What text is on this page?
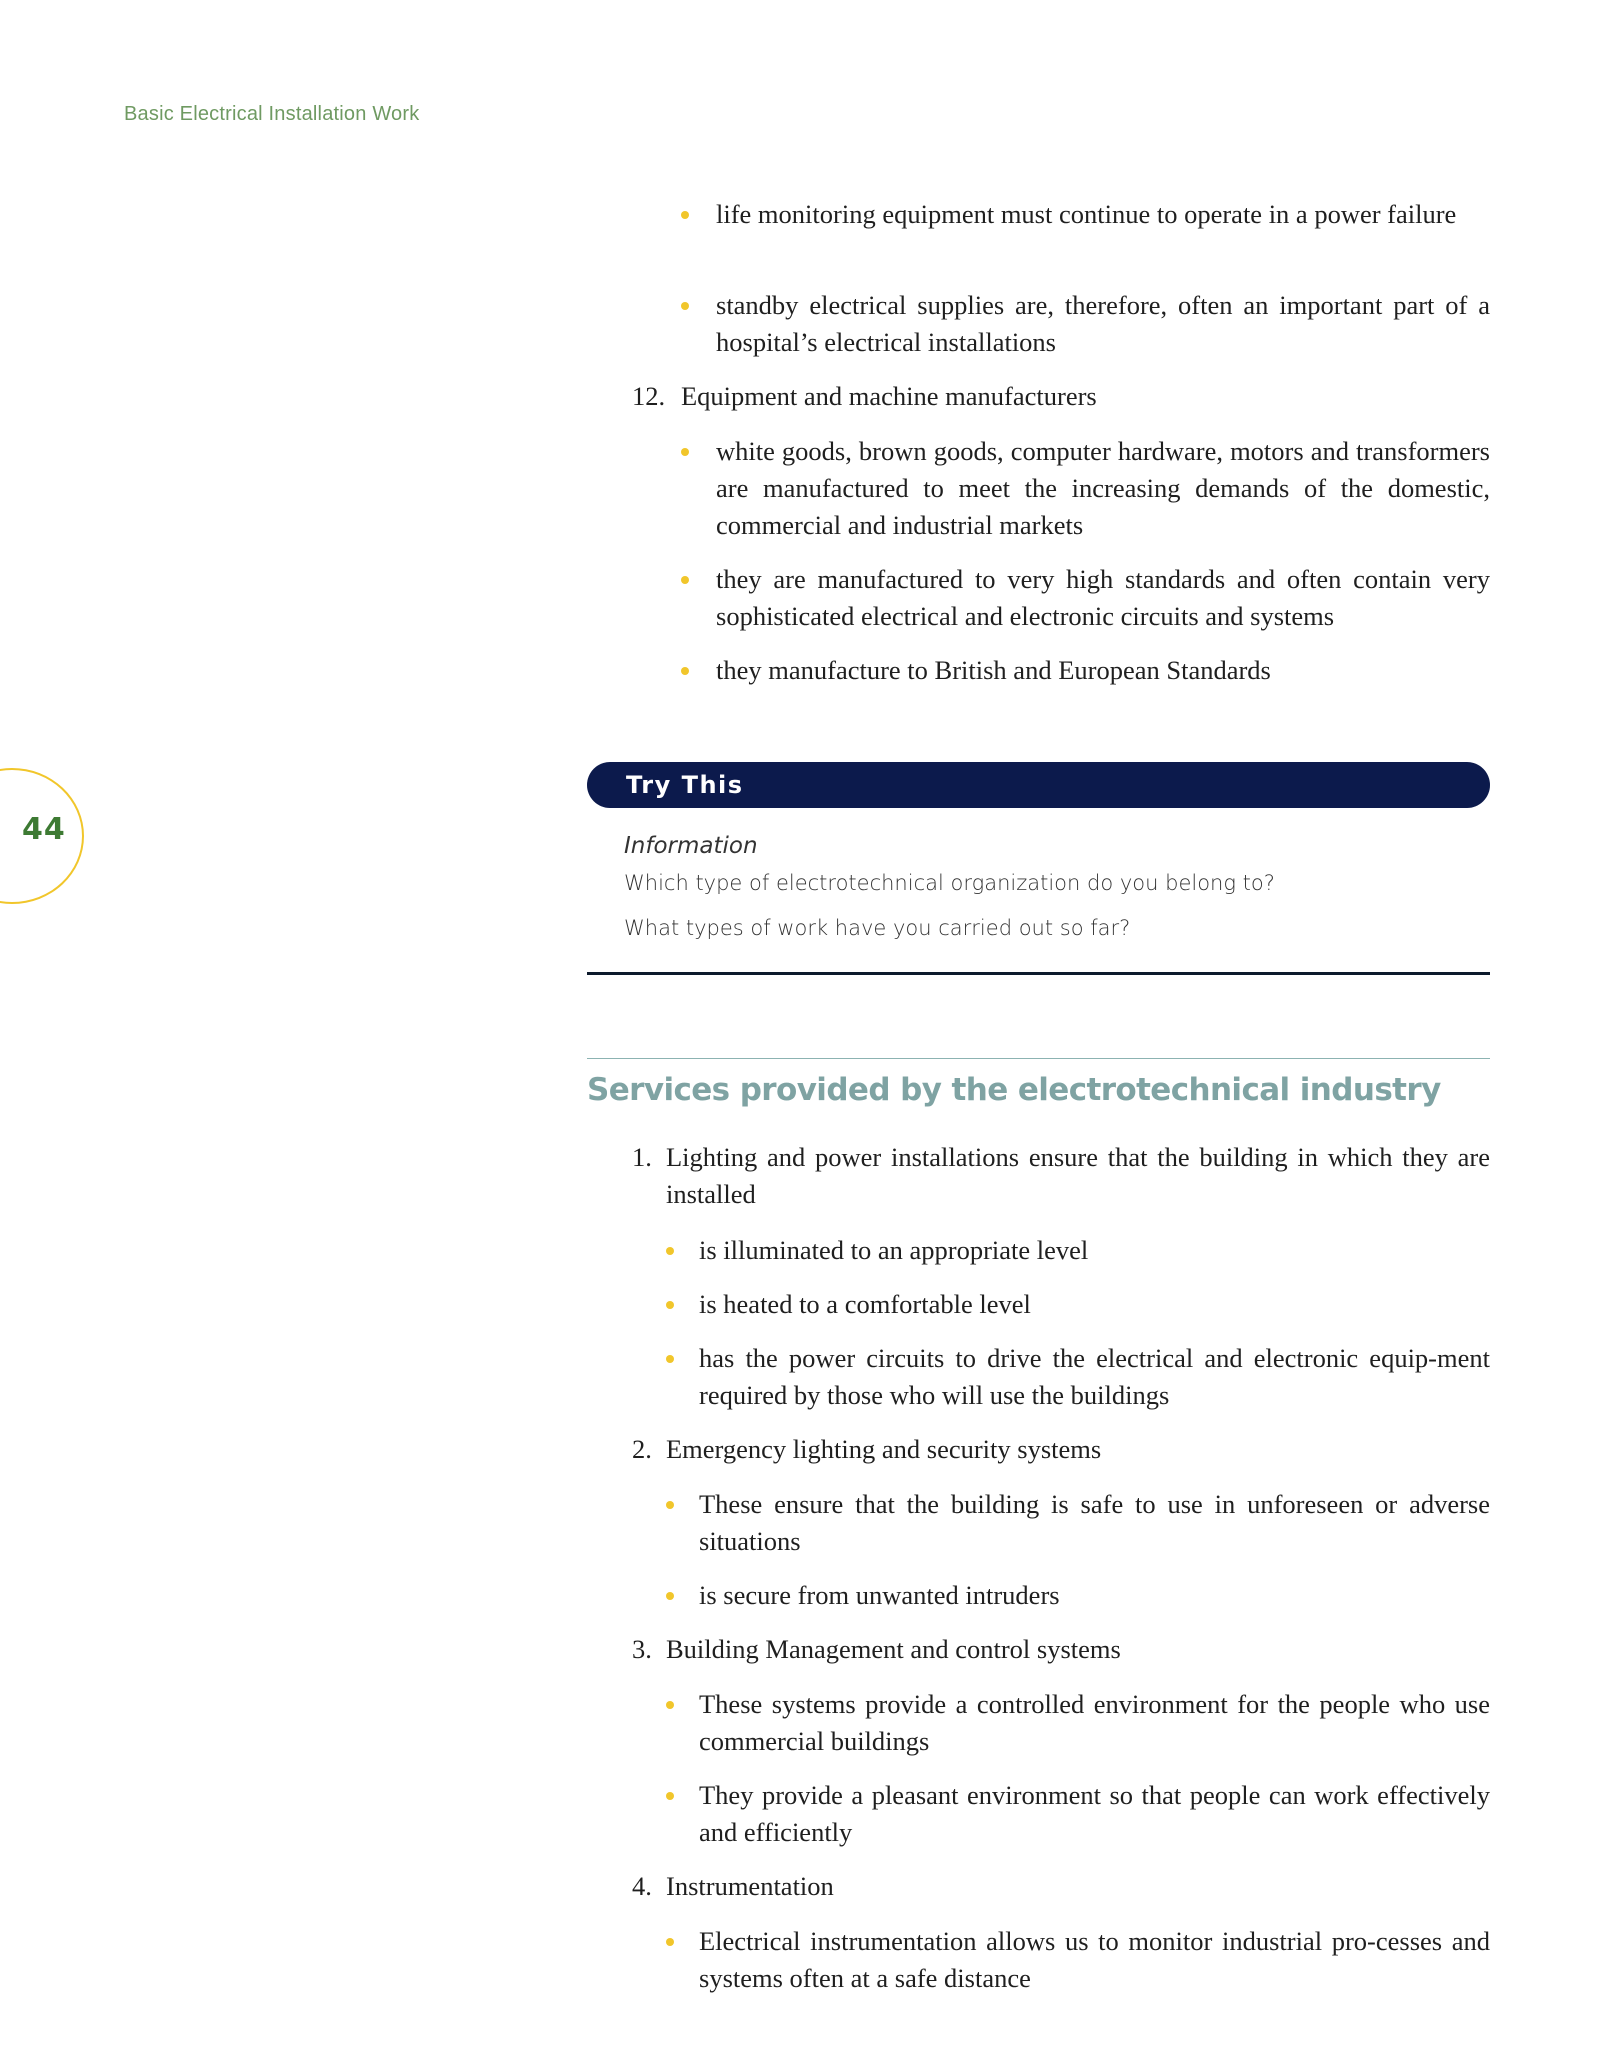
Basic Electrical Installation Work
44

life monitoring equipment must continue to operate in a power failure

standby electrical supplies are, therefore, often an important part of a hospital’s electrical installations

12. Equipment and machine manufacturers

white goods, brown goods, computer hardware, motors and transformers are manufactured to meet the increasing demands of the domestic, commercial and industrial markets

they are manufactured to very high standards and often contain very sophisticated electrical and electronic circuits and systems

they manufacture to British and European Standards

Try This
Information
Which type of electrotechnical organization do you belong to?
What types of work have you carried out so far?
Services provided by the electrotechnical industry
1. Lighting and power installations ensure that the building in which they are installed

is illuminated to an appropriate level

is heated to a comfortable level

has the power circuits to drive the electrical and electronic equip-ment required by those who will use the buildings

2. Emergency lighting and security systems

These ensure that the building is safe to use in unforeseen or adverse situations

is secure from unwanted intruders

3. Building Management and control systems

These systems provide a controlled environment for the people who use commercial buildings

They provide a pleasant environment so that people can work effectively and efficiently

4. Instrumentation

Electrical instrumentation allows us to monitor industrial pro-cesses and systems often at a safe distance
